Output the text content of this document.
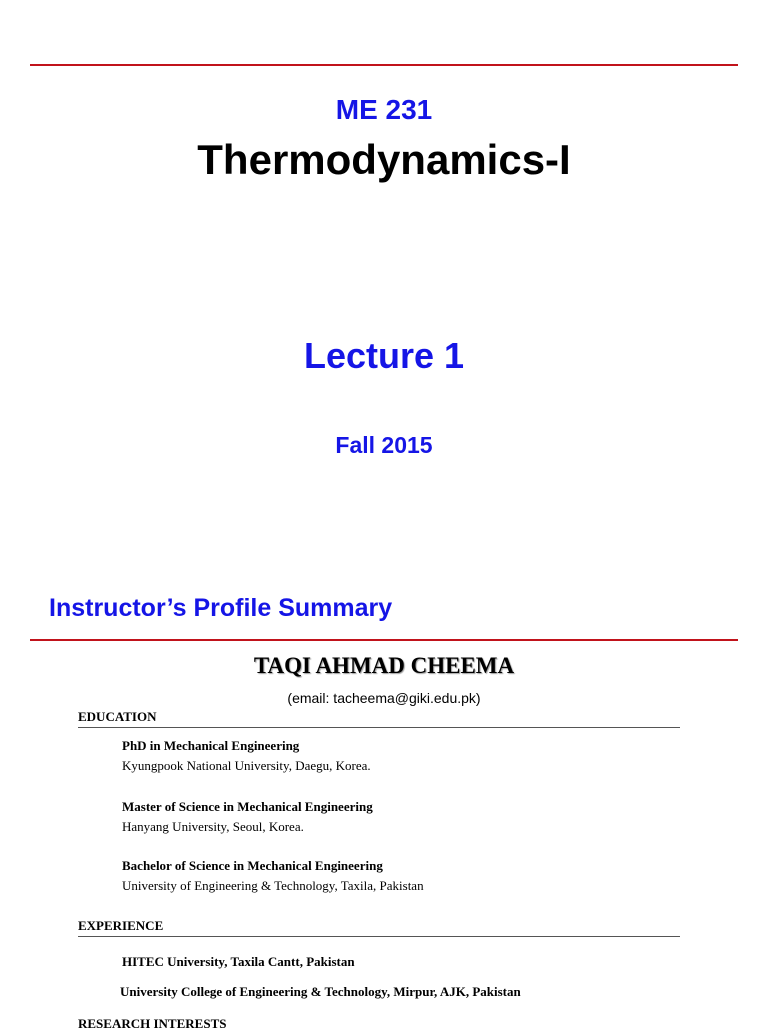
ME 231
Thermodynamics-I
Lecture 1
Fall 2015
Instructor’s Profile Summary
TAQI AHMAD CHEEMA
(email: tacheema@giki.edu.pk)
EDUCATION
PhD in Mechanical Engineering
Kyungpook National University, Daegu, Korea.
Master of Science in Mechanical Engineering
Hanyang University, Seoul, Korea.
Bachelor of Science in Mechanical Engineering
University of Engineering & Technology, Taxila, Pakistan
EXPERIENCE
HITEC University, Taxila Cantt, Pakistan
University College of Engineering & Technology, Mirpur, AJK, Pakistan
RESEARCH INTERESTS
